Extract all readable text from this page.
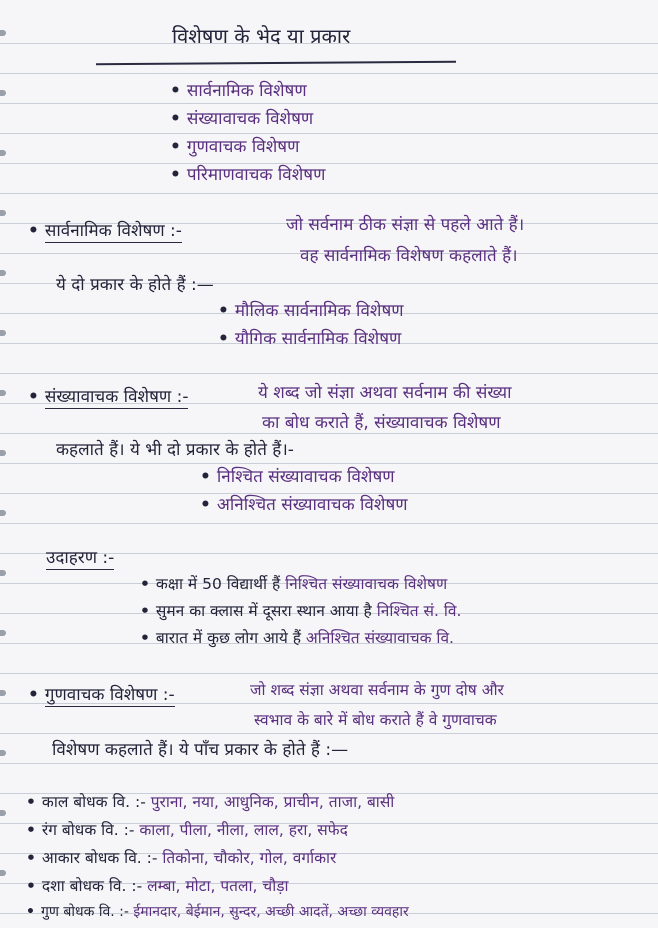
विशेषण के भेद या प्रकार
• सार्वनामिक विशेषण
• संख्यावाचक विशेषण
• गुणवाचक विशेषण
• परिमाणवाचक विशेषण
• सार्वनामिक विशेषण :-	जो सर्वनाम ठीक संज्ञा से पहले आते हैं।
वह सार्वनामिक विशेषण कहलाते हैं।
ये दो प्रकार के होते हैं :—
• मौलिक सार्वनामिक विशेषण
• यौगिक सार्वनामिक विशेषण
• संख्यावाचक विशेषण :-	ये शब्द जो संज्ञा अथवा सर्वनाम की संख्या
का बोध कराते हैं, संख्यावाचक विशेषण
कहलाते हैं। ये भी दो प्रकार के होते हैं।-
• निश्चित संख्यावाचक विशेषण
• अनिश्चित संख्यावाचक विशेषण
उदाहरण :-
• कक्षा में 50 विद्यार्थी हैं निश्चित संख्यावाचक विशेषण
• सुमन का क्लास में दूसरा स्थान आया है निश्चित सं. वि.
• बारात में कुछ लोग आये हैं अनिश्चित संख्यावाचक वि.
• गुणवाचक विशेषण :-	जो शब्द संज्ञा अथवा सर्वनाम के गुण दोष और
स्वभाव के बारे में बोध कराते हैं वे गुणवाचक
विशेषण कहलाते हैं। ये पाँच प्रकार के होते हैं :—
• काल बोधक वि. :- पुराना, नया, आधुनिक, प्राचीन, ताजा, बासी
• रंग बोधक वि. :- काला, पीला, नीला, लाल, हरा, सफेद
• आकार बोधक वि. :- तिकोना, चौकोर, गोल, वर्गाकार
• दशा बोधक वि. :- लम्बा, मोटा, पतला, चौड़ा
• गुण बोधक वि. :- ईमानदार, बेईमान, सुन्दर, अच्छी आदतें, अच्छा व्यवहार
